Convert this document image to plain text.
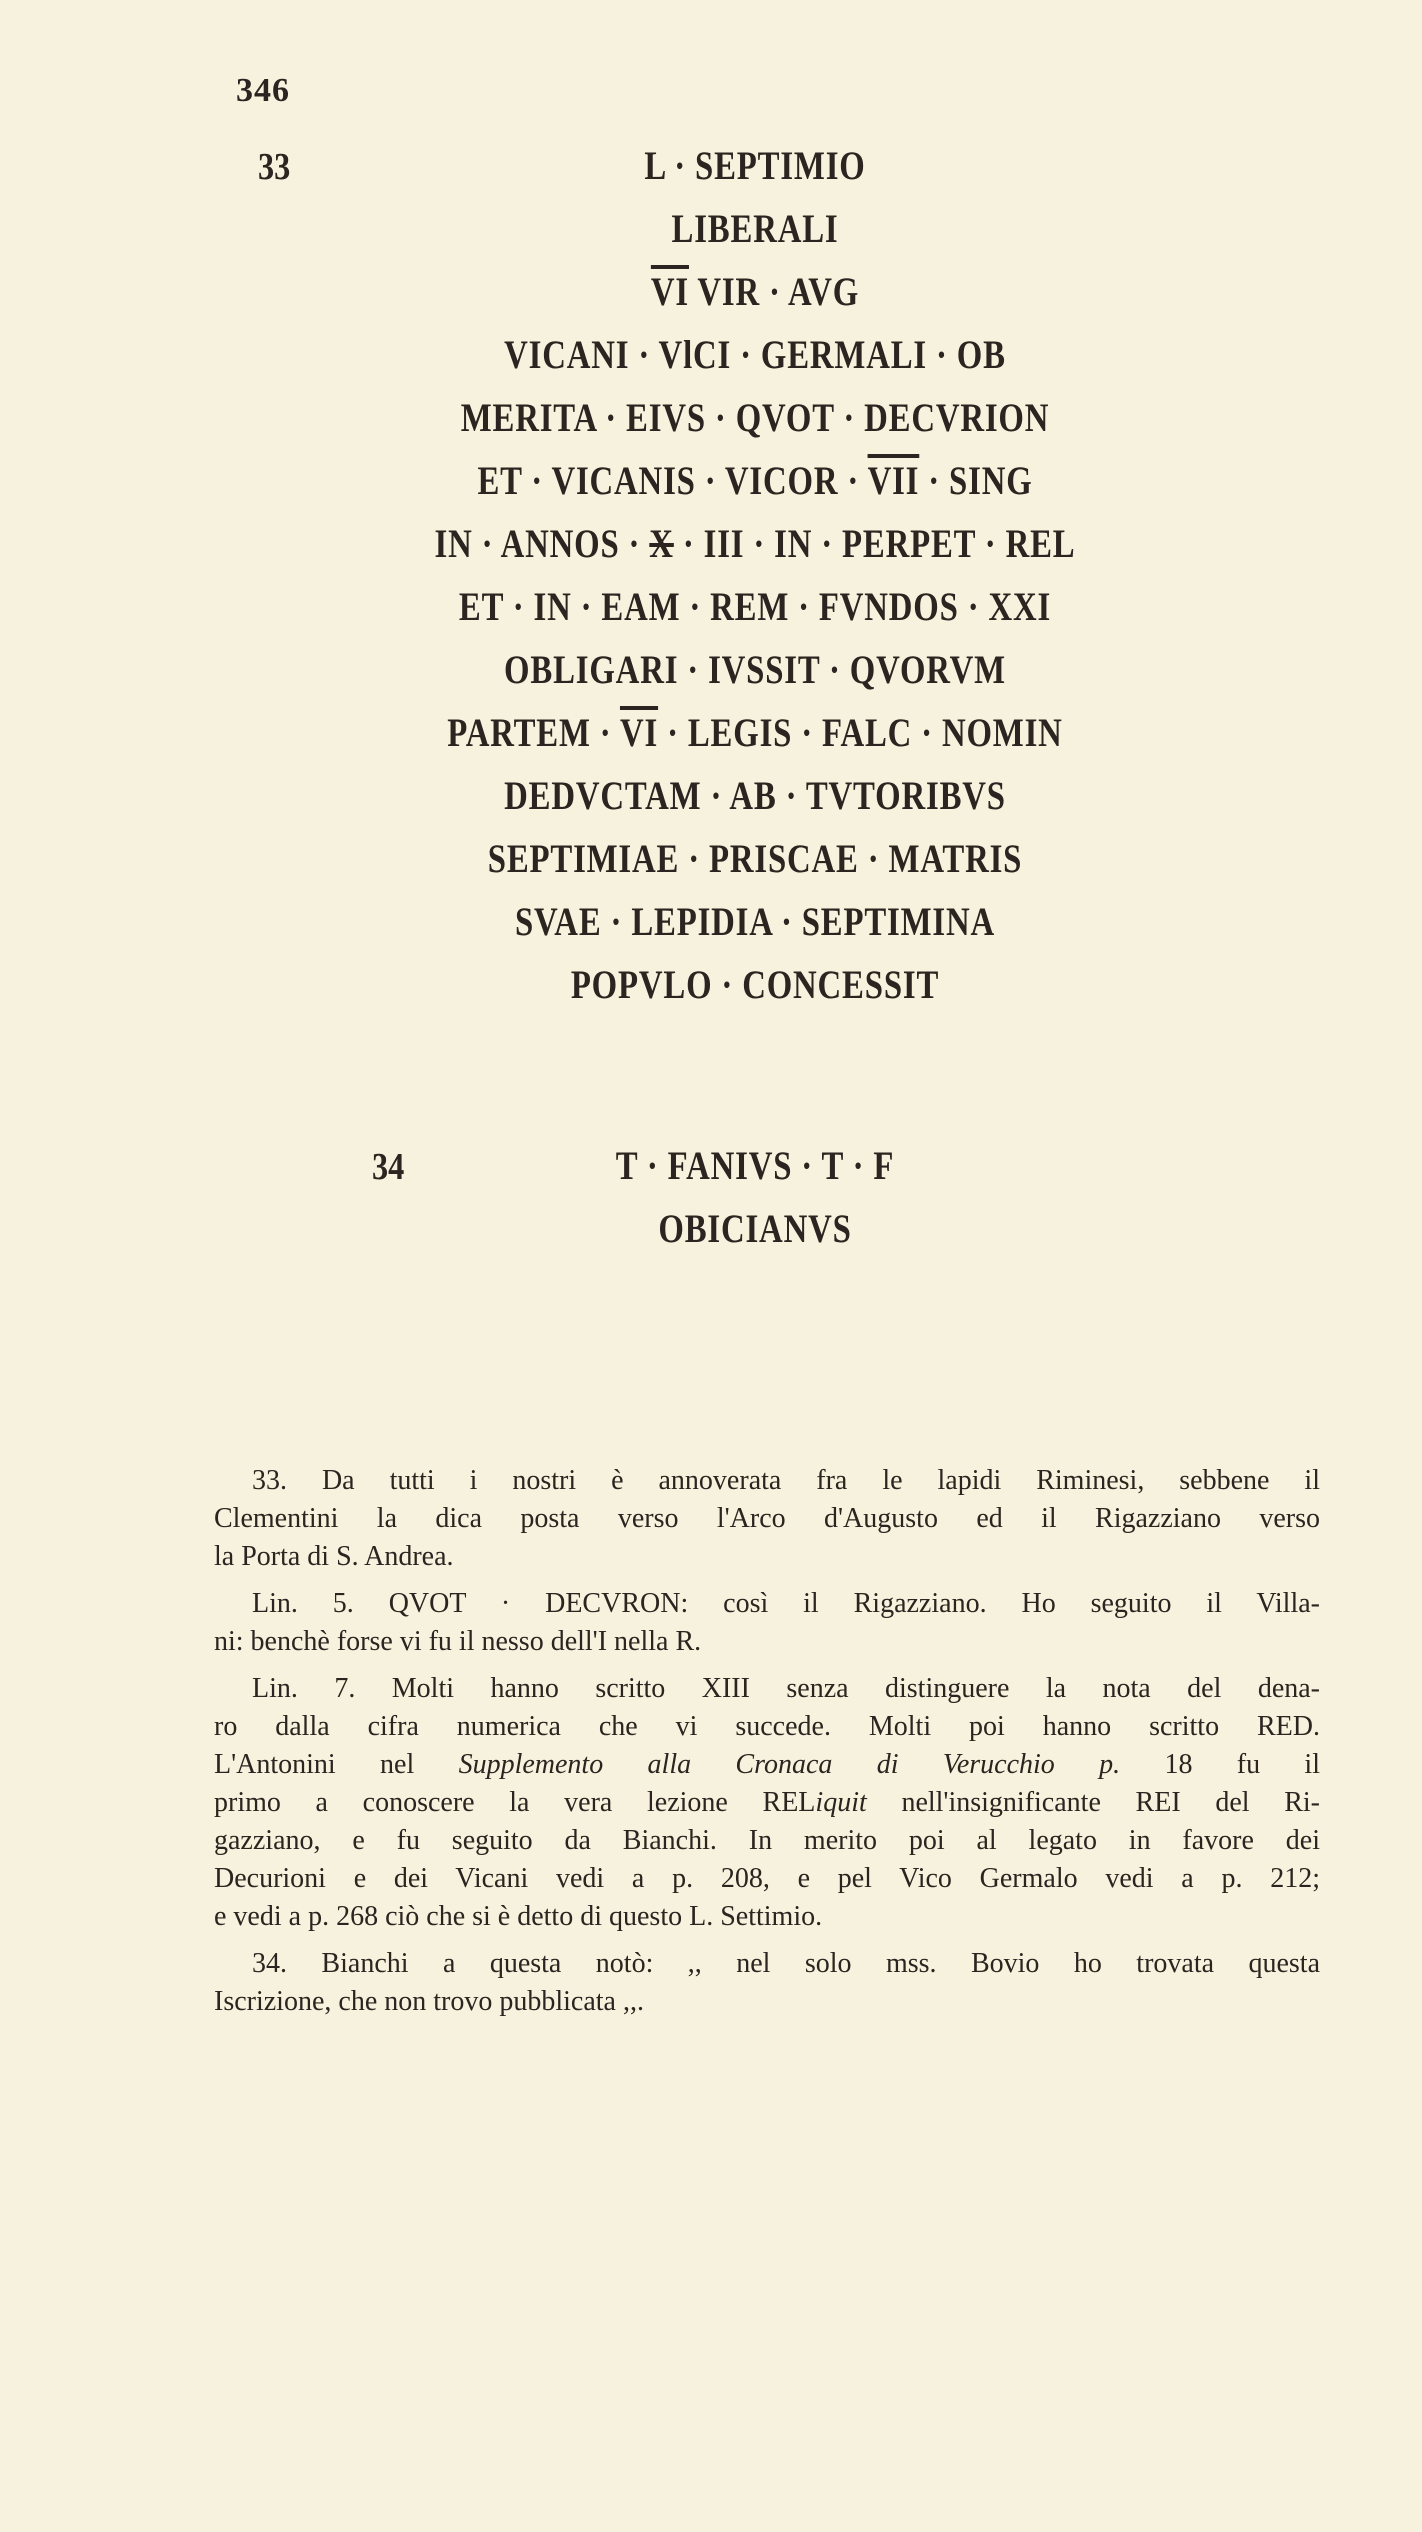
346
L · SEPTIMIO
LIBERALI
$\overline{VI}$ VIR · AVG
VICANI · VlCI · GERMALI · OB
MERITA · EIVS · QVOT · DECVRION
ET · VICANIS · VICOR · $\overline{VII}$ · SING
IN · ANNOS · X · III · IN · PERPET · REL
ET · IN · EAM · REM · FVNDOS · XXI
OBLIGARI · IVSSIT · QVORVM
PARTEM · $\overline{VI}$ · LEGIS · FALC · NOMIN
DEDVCTAM · AB · TVTORIBVS
SEPTIMIAE · PRISCAE · MATRIS
SVAE · LEPIDIA · SEPTIMINA
POPVLO · CONCESSIT
33
T · FANIVS · T · F
OBICIANVS
34
33. Da tutti i nostri è annoverata fra le lapidi Riminesi, sebbene il
Clementini la dica posta verso l'Arco d'Augusto ed il Rigazziano verso
la Porta di S. Andrea.
Lin. 5. QVOT · DECVRON: così il Rigazziano. Ho seguito il Villa-
ni: benchè forse vi fu il nesso dell'I nella R.
Lin. 7. Molti hanno scritto XIII senza distinguere la nota del dena-
ro dalla cifra numerica che vi succede. Molti poi hanno scritto RED.
L'Antonini nel Supplemento alla Cronaca di Verucchio p. 18 fu il
primo a conoscere la vera lezione RELiquit nell'insignificante REI del Ri-
gazziano, e fu seguito da Bianchi. In merito poi al legato in favore dei
Decurioni e dei Vicani vedi a p. 208, e pel Vico Germalo vedi a p. 212;
e vedi a p. 268 ciò che si è detto di questo L. Settimio.
34. Bianchi a questa notò: ,, nel solo mss. Bovio ho trovata questa
Iscrizione, che non trovo pubblicata ,,.
